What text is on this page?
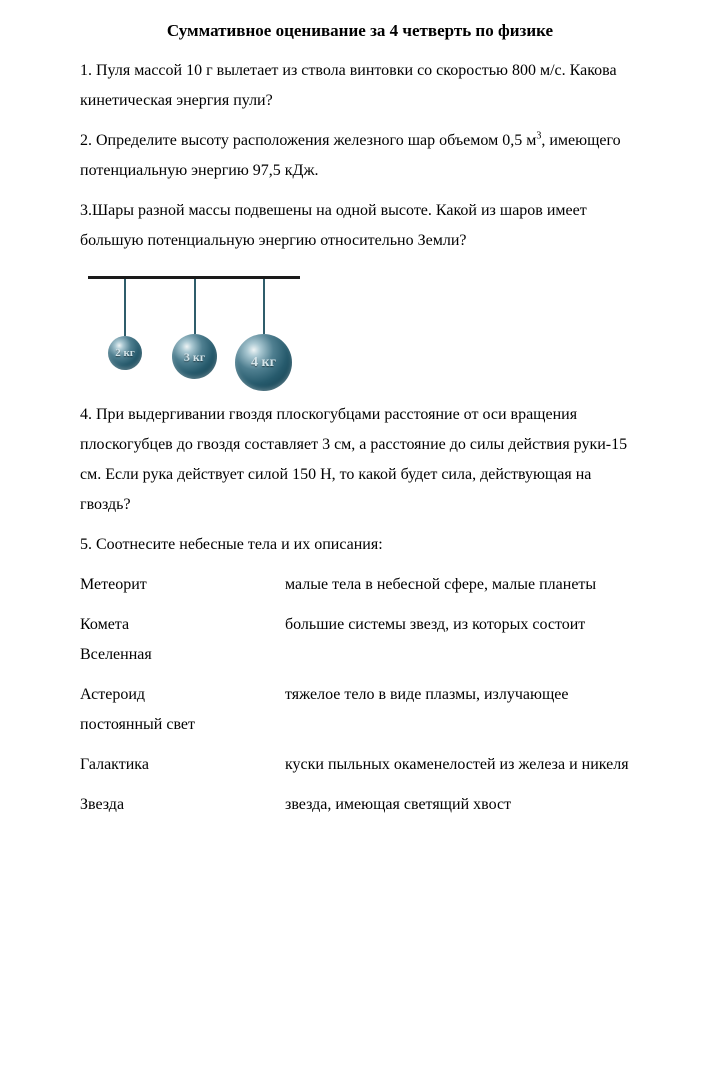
Суммативное оценивание за 4 четверть по физике

1. Пуля массой 10 г вылетает из ствола винтовки со скоростью 800 м/с. Какова кинетическая энергия пули?

2. Определите высоту расположения железного шар объемом 0,5 $м^3$, имеющего потенциальную энергию 97,5 кДж.

3.Шары разной массы подвешены на одной высоте. Какой из шаров имеет большую потенциальную энергию относительно Земли?

2 кг	3 кг	4 кг

4. При выдергивании гвоздя плоскогубцами расстояние от оси вращения плоскогубцев до гвоздя составляет 3 см, а расстояние до силы действия руки-15 см. Если рука действует силой 150 Н, то какой будет сила, действующая на гвоздь?

5. Соотнесите небесные тела и их описания:

Метеорит	малые тела в небесной сфере, малые планеты

Комета	большие системы звезд, из которых состоит Вселенная

Астероид	тяжелое тело в виде плазмы, излучающее постоянный свет

Галактика	куски пыльных окаменелостей из железа и никеля

Звезда	звезда, имеющая светящий хвост
